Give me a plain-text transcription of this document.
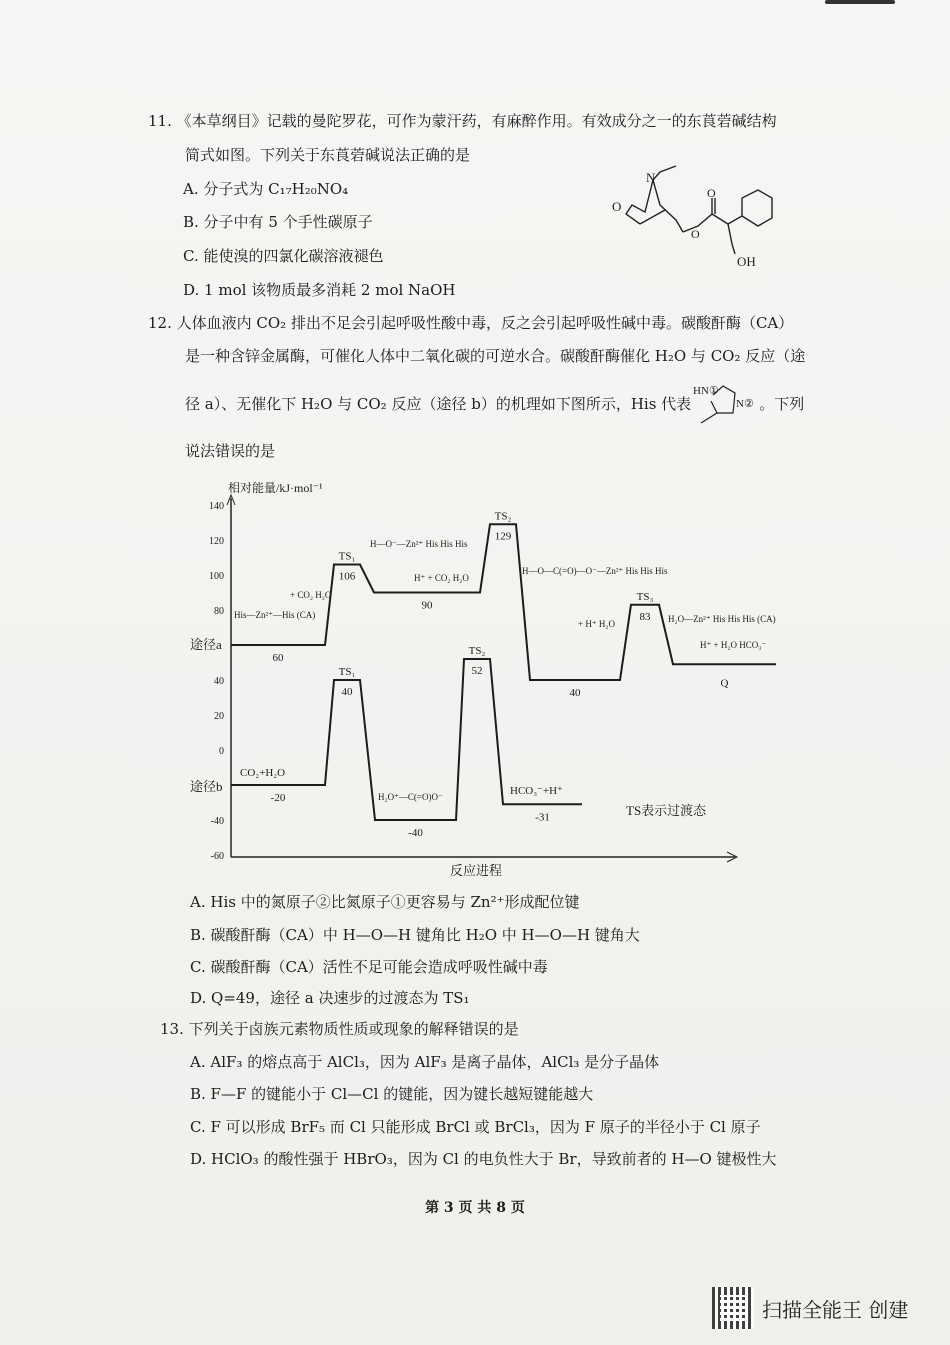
11. 《本草纲目》记载的曼陀罗花，可作为蒙汗药，有麻醉作用。有效成分之一的东莨菪碱结构
简式如图。下列关于东莨菪碱说法正确的是
A. 分子式为 C₁₇H₂₀NO₄
B. 分子中有 5 个手性碳原子
C. 能使溴的四氯化碳溶液褪色
D. 1 mol 该物质最多消耗 2 mol NaOH
N
O
O
O
OH
12. 人体血液内 CO₂ 排出不足会引起呼吸性酸中毒，反之会引起呼吸性碱中毒。碳酸酐酶（CA）
是一种含锌金属酶，可催化人体中二氧化碳的可逆水合。碳酸酐酶催化 H₂O 与 CO₂ 反应（途
径 a）、无催化下 H₂O 与 CO₂ 反应（途径 b）的机理如下图所示，His 代表
HN①
N② 。下列
说法错误的是
相对能量/kJ·mol⁻¹
反应进程
140
120
100
80
40
20
0
-40
-60
60
106
TS₁
90
129
TS₂
40
83
TS₃
Q
-20
40
TS₁
-40
52
TS₂
-31
途径a
途径b
TS表示过渡态
His—Zn²⁺—His (CA)
+ CO₂ H₂O
H—O⁻—Zn²⁺ His His His
H⁺ + CO₂ H₂O
H—O—C(=O)—O⁻—Zn²⁺ His His His
+ H⁺ H₂O	H₂O—Zn²⁺ His His His (CA)
H⁺ + H₂O HCO₃⁻
CO₂+H₂O
H₂O⁺—C(=O)O⁻	HCO₃⁻+H⁺
A. His 中的氮原子②比氮原子①更容易与 Zn²⁺形成配位键
B. 碳酸酐酶（CA）中 H—O—H 键角比 H₂O 中 H—O—H 键角大
C. 碳酸酐酶（CA）活性不足可能会造成呼吸性碱中毒
D. Q=49，途径 a 决速步的过渡态为 TS₁
13. 下列关于卤族元素物质性质或现象的解释错误的是
A. AlF₃ 的熔点高于 AlCl₃，因为 AlF₃ 是离子晶体，AlCl₃ 是分子晶体
B. F—F 的键能小于 Cl—Cl 的键能，因为键长越短键能越大
C. F 可以形成 BrF₅ 而 Cl 只能形成 BrCl 或 BrCl₃，因为 F 原子的半径小于 Cl 原子
D. HClO₃ 的酸性强于 HBrO₃，因为 Cl 的电负性大于 Br，导致前者的 H—O 键极性大
第 3 页 共 8 页
扫描全能王 创建
